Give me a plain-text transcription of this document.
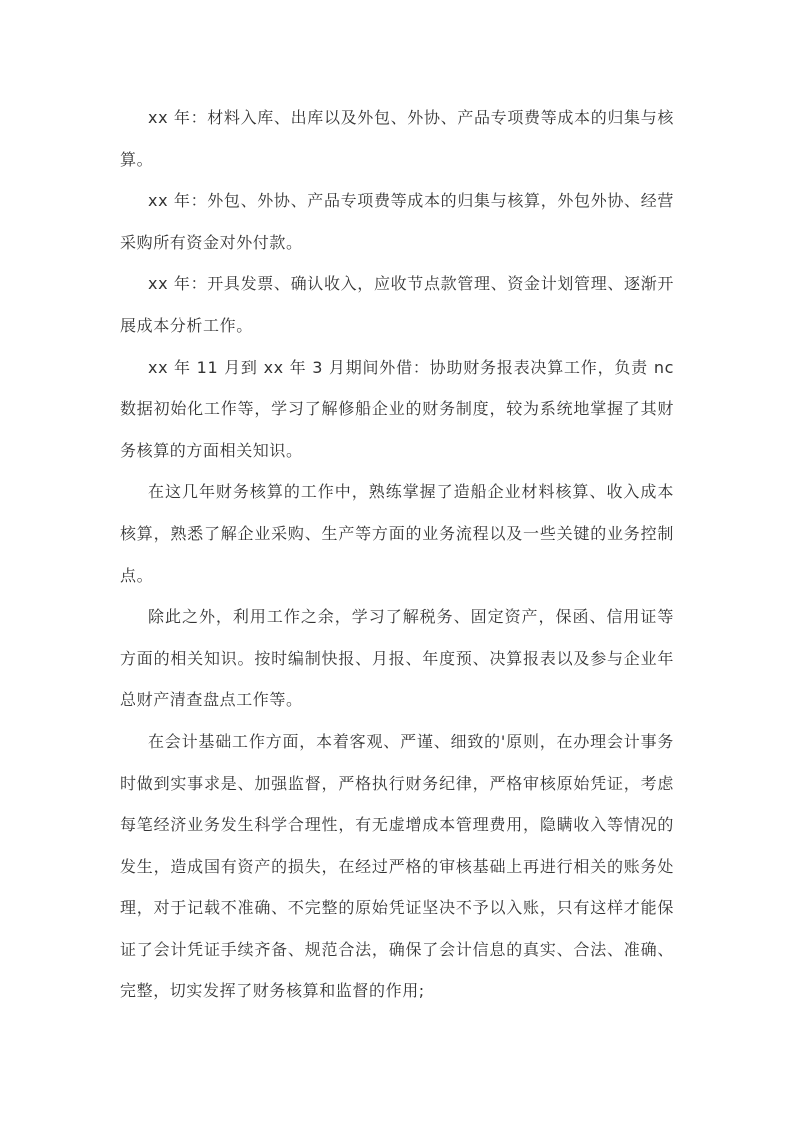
xx 年：材料入库、出库以及外包、外协、产品专项费等成本的归集与核算。

xx 年：外包、外协、产品专项费等成本的归集与核算，外包外协、经营采购所有资金对外付款。

xx 年：开具发票、确认收入，应收节点款管理、资金计划管理、逐渐开展成本分析工作。

xx 年 11 月到 xx 年 3 月期间外借：协助财务报表决算工作，负责 nc 数据初始化工作等，学习了解修船企业的财务制度，较为系统地掌握了其财务核算的方面相关知识。

在这几年财务核算的工作中，熟练掌握了造船企业材料核算、收入成本核算，熟悉了解企业采购、生产等方面的业务流程以及一些关键的业务控制点。

除此之外，利用工作之余，学习了解税务、固定资产，保函、信用证等方面的相关知识。按时编制快报、月报、年度预、决算报表以及参与企业年总财产清查盘点工作等。

在会计基础工作方面，本着客观、严谨、细致的'原则，在办理会计事务时做到实事求是、加强监督，严格执行财务纪律，严格审核原始凭证，考虑每笔经济业务发生科学合理性，有无虚增成本管理费用，隐瞒收入等情况的发生，造成国有资产的损失，在经过严格的审核基础上再进行相关的账务处理，对于记载不准确、不完整的原始凭证坚决不予以入账，只有这样才能保证了会计凭证手续齐备、规范合法，确保了会计信息的真实、合法、准确、完整，切实发挥了财务核算和监督的作用;
